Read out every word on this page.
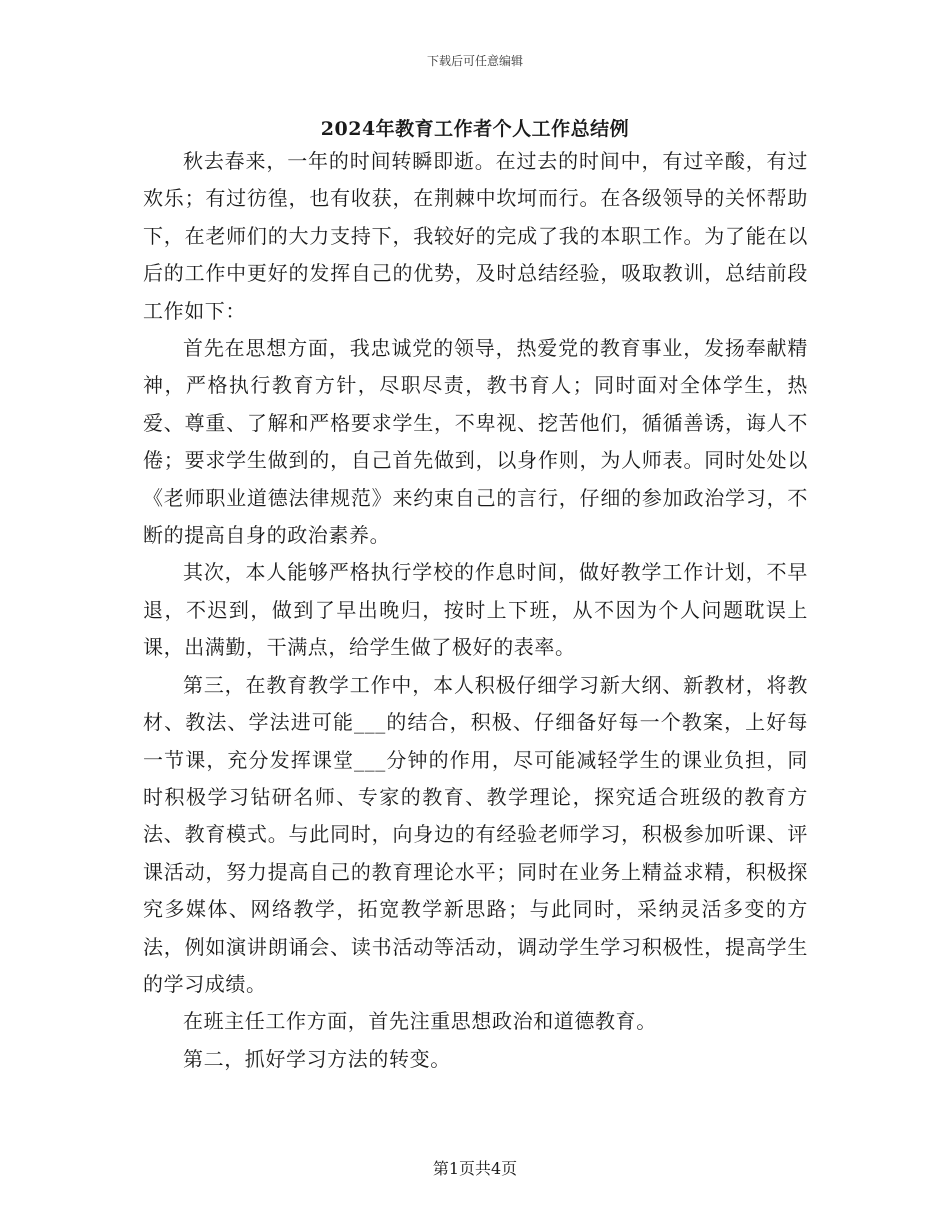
下载后可任意编辑
2024年教育工作者个人工作总结例

秋去春来，一年的时间转瞬即逝。在过去的时间中，有过辛酸，有过欢乐；有过彷徨，也有收获，在荆棘中坎坷而行。在各级领导的关怀帮助下，在老师们的大力支持下，我较好的完成了我的本职工作。为了能在以后的工作中更好的发挥自己的优势，及时总结经验，吸取教训，总结前段工作如下：

首先在思想方面，我忠诚党的领导，热爱党的教育事业，发扬奉献精神，严格执行教育方针，尽职尽责，教书育人；同时面对全体学生，热爱、尊重、了解和严格要求学生，不卑视、挖苦他们，循循善诱，诲人不倦；要求学生做到的，自己首先做到，以身作则，为人师表。同时处处以《老师职业道德法律规范》来约束自己的言行，仔细的参加政治学习，不断的提高自身的政治素养。

其次，本人能够严格执行学校的作息时间，做好教学工作计划，不早退，不迟到，做到了早出晚归，按时上下班，从不因为个人问题耽误上课，出满勤，干满点，给学生做了极好的表率。

第三，在教育教学工作中，本人积极仔细学习新大纲、新教材，将教材、教法、学法进可能___的结合，积极、仔细备好每一个教案，上好每一节课，充分发挥课堂___分钟的作用，尽可能减轻学生的课业负担，同时积极学习钻研名师、专家的教育、教学理论，探究适合班级的教育方法、教育模式。与此同时，向身边的有经验老师学习，积极参加听课、评课活动，努力提高自己的教育理论水平；同时在业务上精益求精，积极探究多媒体、网络教学，拓宽教学新思路；与此同时，采纳灵活多变的方法，例如演讲朗诵会、读书活动等活动，调动学生学习积极性，提高学生的学习成绩。

在班主任工作方面，首先注重思想政治和道德教育。

第二，抓好学习方法的转变。

第1页共4页
